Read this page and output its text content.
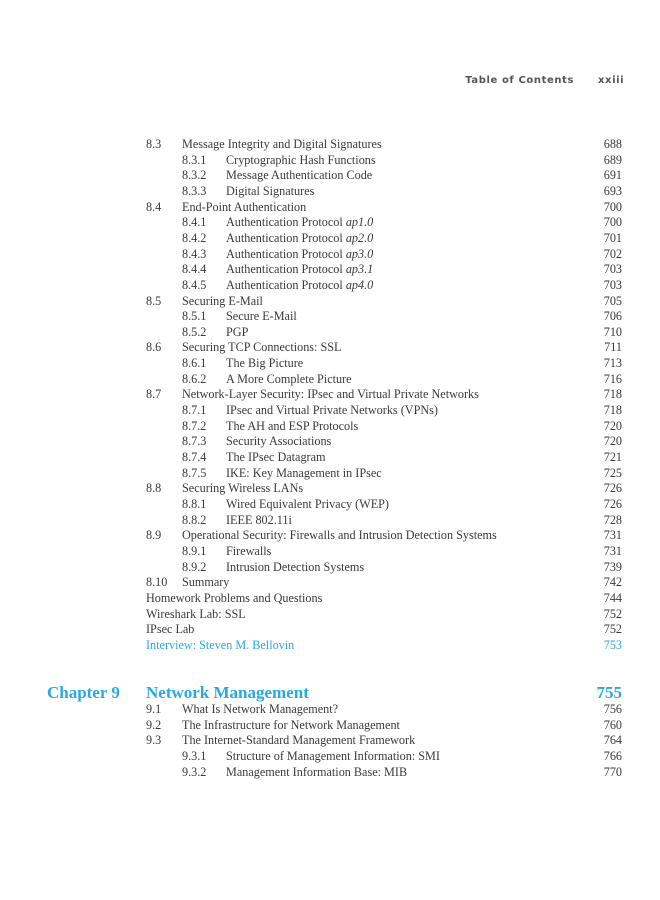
Table of Contents xxiii
8.3 Message Integrity and Digital Signatures	688
8.3.1 Cryptographic Hash Functions	689
8.3.2 Message Authentication Code	691
8.3.3 Digital Signatures	693
8.4 End-Point Authentication	700
8.4.1 Authentication Protocol ap1.0	700
8.4.2 Authentication Protocol ap2.0	701
8.4.3 Authentication Protocol ap3.0	702
8.4.4 Authentication Protocol ap3.1	703
8.4.5 Authentication Protocol ap4.0	703
8.5 Securing E-Mail	705
8.5.1 Secure E-Mail	706
8.5.2 PGP	710
8.6 Securing TCP Connections: SSL	711
8.6.1 The Big Picture	713
8.6.2 A More Complete Picture	716
8.7 Network-Layer Security: IPsec and Virtual Private Networks	718
8.7.1 IPsec and Virtual Private Networks (VPNs)	718
8.7.2 The AH and ESP Protocols	720
8.7.3 Security Associations	720
8.7.4 The IPsec Datagram	721
8.7.5 IKE: Key Management in IPsec	725
8.8 Securing Wireless LANs	726
8.8.1 Wired Equivalent Privacy (WEP)	726
8.8.2 IEEE 802.11i	728
8.9 Operational Security: Firewalls and Intrusion Detection Systems	731
8.9.1 Firewalls	731
8.9.2 Intrusion Detection Systems	739
8.10 Summary	742
Homework Problems and Questions	744
Wireshark Lab: SSL	752
IPsec Lab	752
Interview: Steven M. Bellovin	753
Chapter 9 Network Management	755
9.1 What Is Network Management?	756
9.2 The Infrastructure for Network Management	760
9.3 The Internet-Standard Management Framework	764
9.3.1 Structure of Management Information: SMI	766
9.3.2 Management Information Base: MIB	770
